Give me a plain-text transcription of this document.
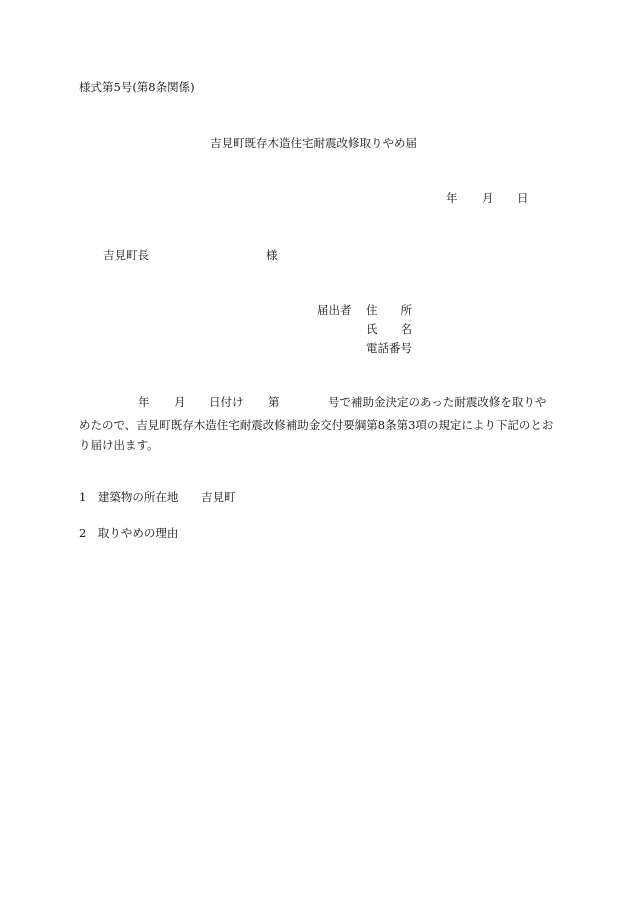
様式第5号(第8条関係)
吉見町既存木造住宅耐震改修取りやめ届
年 月 日
吉見町長	様
届出者 住　　所
氏　　名
電話番号
年 月 日付け 第	号で補助金決定のあった耐震改修を取りや
めたので、吉見町既存木造住宅耐震改修補助金交付要綱第8条第3項の規定により下記のとお
り届け出ます。
1　建築物の所在地 吉見町
2　取りやめの理由
